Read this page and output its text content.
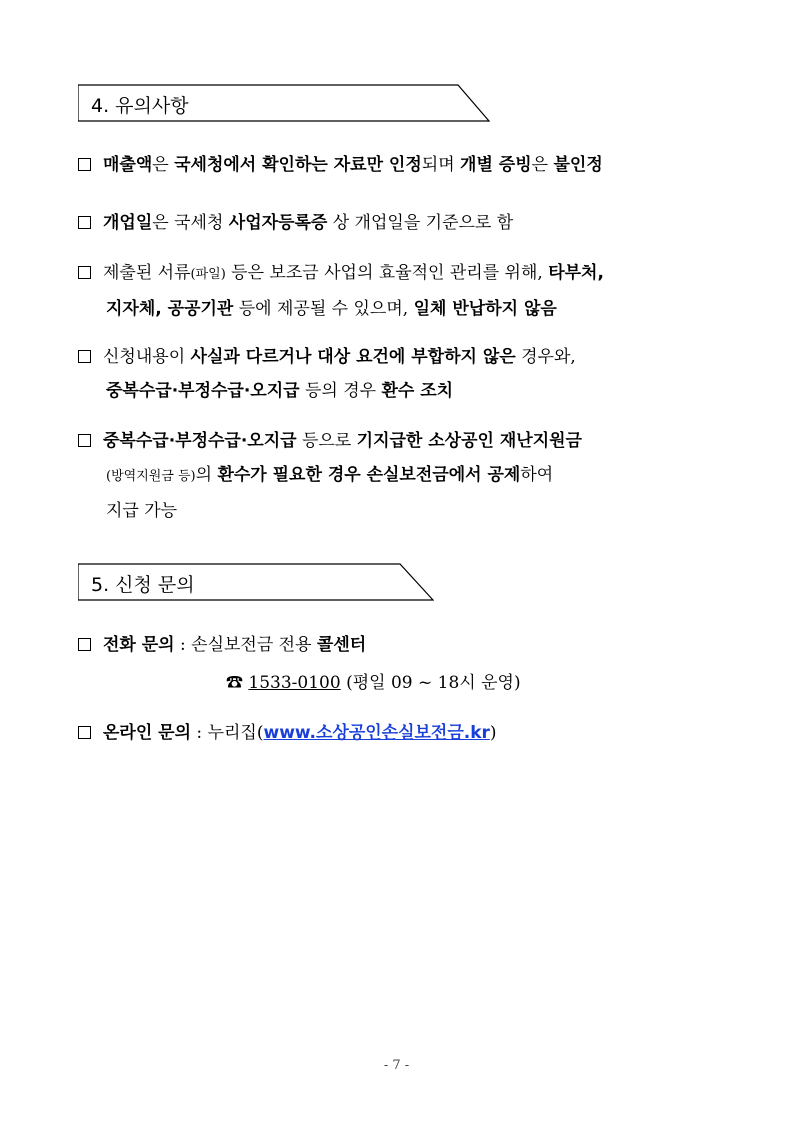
4. 유의사항
매출액은 국세청에서 확인하는 자료만 인정되며 개별 증빙은 불인정
개업일은 국세청 사업자등록증 상 개업일을 기준으로 함
제출된 서류(파일) 등은 보조금 사업의 효율적인 관리를 위해, 타부처,
지자체, 공공기관 등에 제공될 수 있으며, 일체 반납하지 않음
신청내용이 사실과 다르거나 대상 요건에 부합하지 않은 경우와,
중복수급·부정수급·오지급 등의 경우 환수 조치
중복수급·부정수급·오지급 등으로 기지급한 소상공인 재난지원금
(방역지원금 등)의 환수가 필요한 경우 손실보전금에서 공제하여
지급 가능
5. 신청 문의
전화 문의 : 손실보전금 전용 콜센터
☎ 1533-0100 (평일 09 ~ 18시 운영)
온라인 문의 : 누리집(www.소상공인손실보전금.kr)
- 7 -
